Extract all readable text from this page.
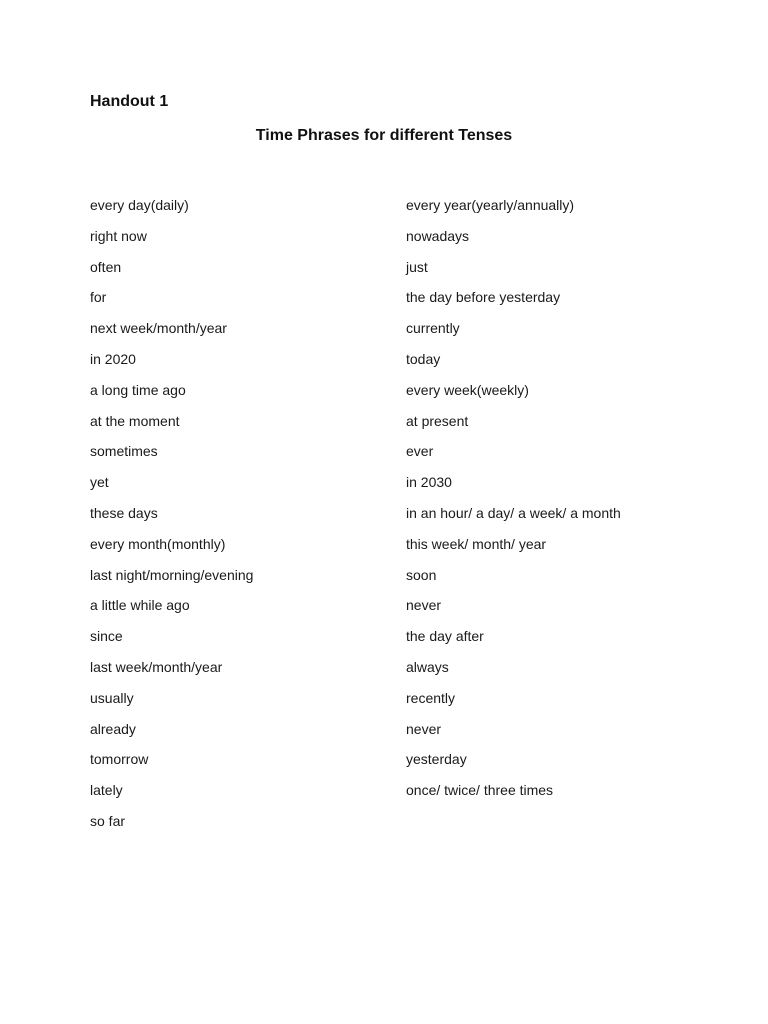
Handout 1
Time Phrases for different Tenses
every day(daily)
right now
often
for
next week/month/year
in 2020
a long time ago
at the moment
sometimes
yet
these days
every month(monthly)
last night/morning/evening
a little while ago
since
last week/month/year
usually
already
tomorrow
lately
so far
every year(yearly/annually)
nowadays
just
the day before yesterday
currently
today
every week(weekly)
at present
ever
in 2030
in an hour/ a day/ a week/ a month
this week/ month/ year
soon
never
the day after
always
recently
never
yesterday
once/ twice/ three times
